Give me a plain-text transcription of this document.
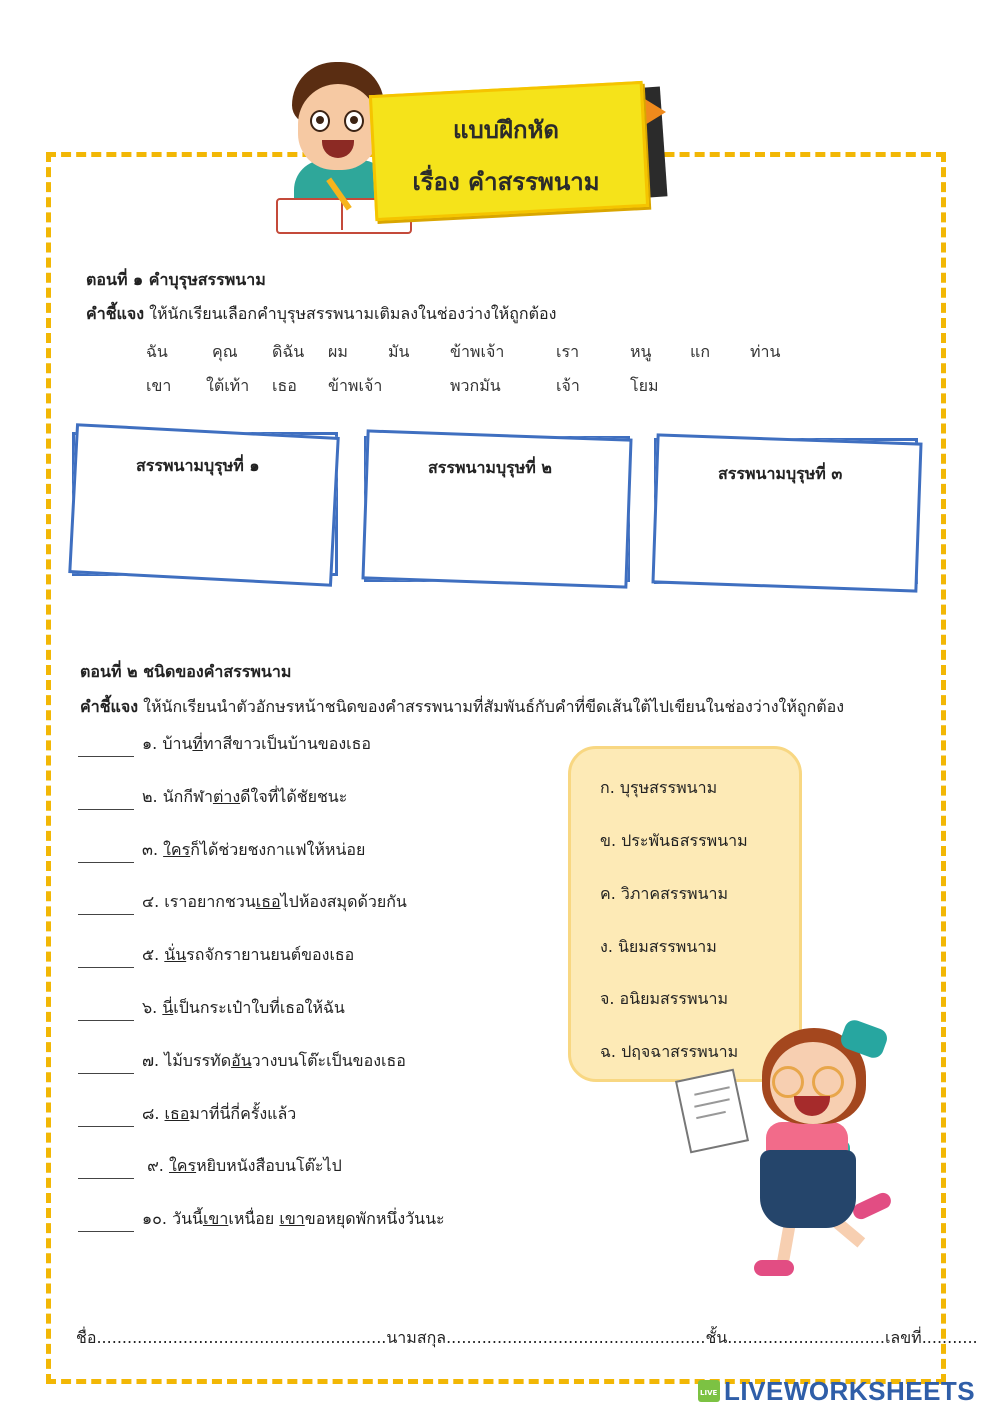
แบบฝึกหัด
เรื่อง คำสรรพนาม
ตอนที่ ๑ คำบุรุษสรรพนาม
คำชี้แจง ให้นักเรียนเลือกคำบุรุษสรรพนามเติมลงในช่องว่างให้ถูกต้อง
ฉัน	คุณ ดิฉัน ผม	มัน	ข้าพเจ้า	เรา	หนู แก	ท่าน
เขา ใต้เท้า เธอ ข้าพเจ้า	พวกมัน	เจ้า	โยม
สรรพนามบุรุษที่ ๑	สรรพนามบุรุษที่ ๒	สรรพนามบุรุษที่ ๓
ตอนที่ ๒ ชนิดของคำสรรพนาม
คำชี้แจง ให้นักเรียนนำตัวอักษรหน้าชนิดของคำสรรพนามที่สัมพันธ์กับคำที่ขีดเส้นใต้ไปเขียนในช่องว่างให้ถูกต้อง
๑. บ้านที่ทาสีขาวเป็นบ้านของเธอ
๒. นักกีฬาต่างดีใจที่ได้ชัยชนะ
๓. ใครก็ได้ช่วยชงกาแฟให้หน่อย
๔. เราอยากชวนเธอไปห้องสมุดด้วยกัน
๕. นั่นรถจักรายานยนต์ของเธอ
๖. นี่เป็นกระเป๋าใบที่เธอให้ฉัน
๗. ไม้บรรทัดอันวางบนโต๊ะเป็นของเธอ
๘. เธอมาที่นี่กี่ครั้งแล้ว
๙. ใครหยิบหนังสือบนโต๊ะไป
๑๐. วันนี้เขาเหนื่อย เขาขอหยุดพักหนึ่งวันนะ
ก. บุรุษสรรพนาม
ข. ประพันธสรรพนาม
ค. วิภาคสรรพนาม
ง. นิยมสรรพนาม
จ. อนิยมสรรพนาม
ฉ. ปฤจฉาสรรพนาม
ชื่อ.........................................................นามสกุล...................................................ชั้น...............................เลขที่...........
LIVE LIVEWORKSHEETS
